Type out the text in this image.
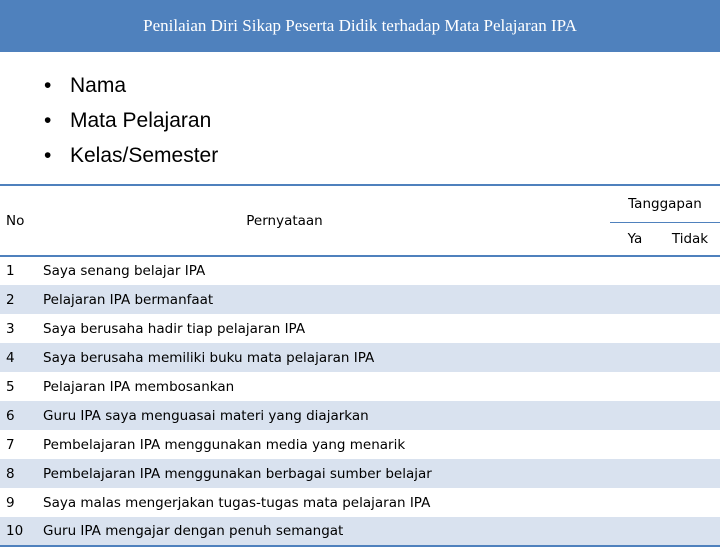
Penilaian Diri Sikap Peserta Didik terhadap Mata Pelajaran IPA
• Nama
• Mata Pelajaran
• Kelas/Semester
No	Pernyataan	Tanggapan	
		Ya	Tidak
1	Saya senang belajar IPA		
2	Pelajaran IPA bermanfaat		
3	Saya berusaha hadir tiap pelajaran IPA		
4	Saya berusaha memiliki buku mata pelajaran IPA		
5	Pelajaran IPA membosankan		
6	Guru IPA saya menguasai materi yang diajarkan		
7	Pembelajaran IPA menggunakan media yang menarik		
8	Pembelajaran IPA menggunakan berbagai sumber belajar		
9	Saya malas mengerjakan tugas-tugas mata pelajaran IPA		
10	Guru IPA mengajar dengan penuh semangat		
